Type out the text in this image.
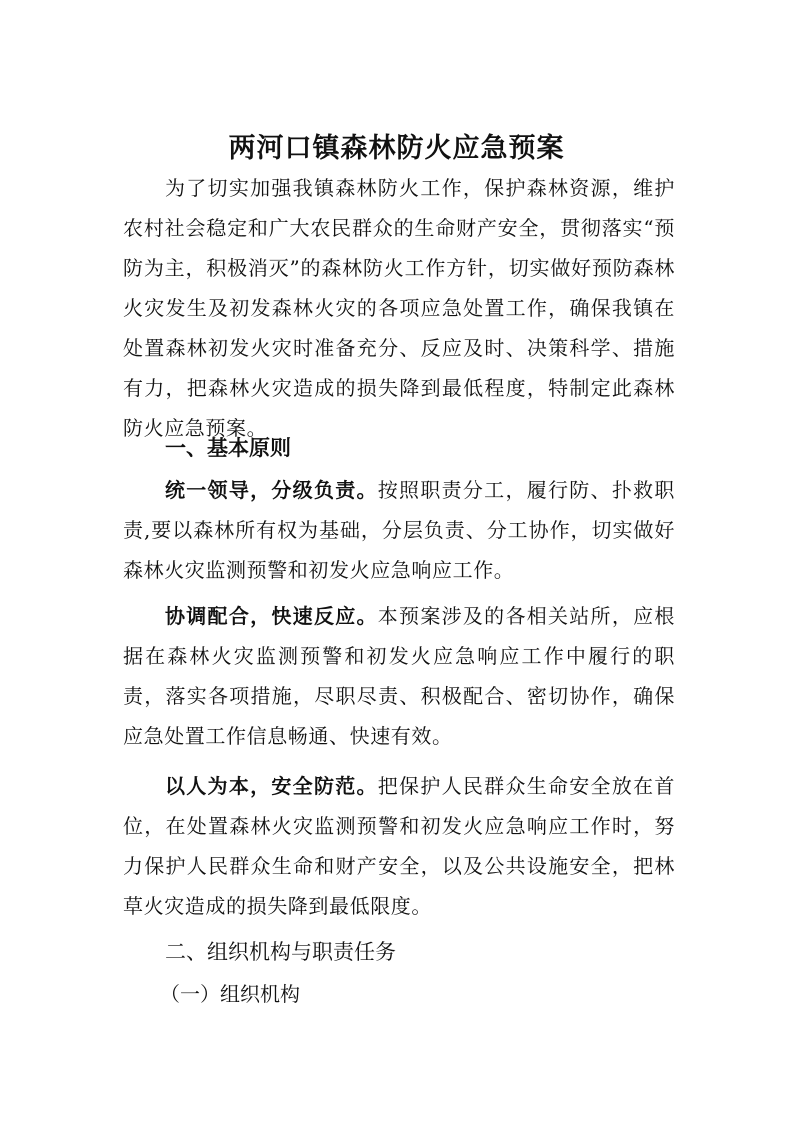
两河口镇森林防火应急预案
为了切实加强我镇森林防火工作，保护森林资源，维护农村社会稳定和广大农民群众的生命财产安全，贯彻落实“预防为主，积极消灭”的森林防火工作方针，切实做好预防森林火灾发生及初发森林火灾的各项应急处置工作，确保我镇在处置森林初发火灾时准备充分、反应及时、决策科学、措施有力，把森林火灾造成的损失降到最低程度，特制定此森林防火应急预案。
一、基本原则
统一领导，分级负责。按照职责分工，履行防、扑救职责,要以森林所有权为基础，分层负责、分工协作，切实做好森林火灾监测预警和初发火应急响应工作。
协调配合，快速反应。本预案涉及的各相关站所，应根据在森林火灾监测预警和初发火应急响应工作中履行的职责，落实各项措施，尽职尽责、积极配合、密切协作，确保应急处置工作信息畅通、快速有效。
以人为本，安全防范。把保护人民群众生命安全放在首位，在处置森林火灾监测预警和初发火应急响应工作时，努力保护人民群众生命和财产安全，以及公共设施安全，把林草火灾造成的损失降到最低限度。
二、组织机构与职责任务
（一）组织机构
